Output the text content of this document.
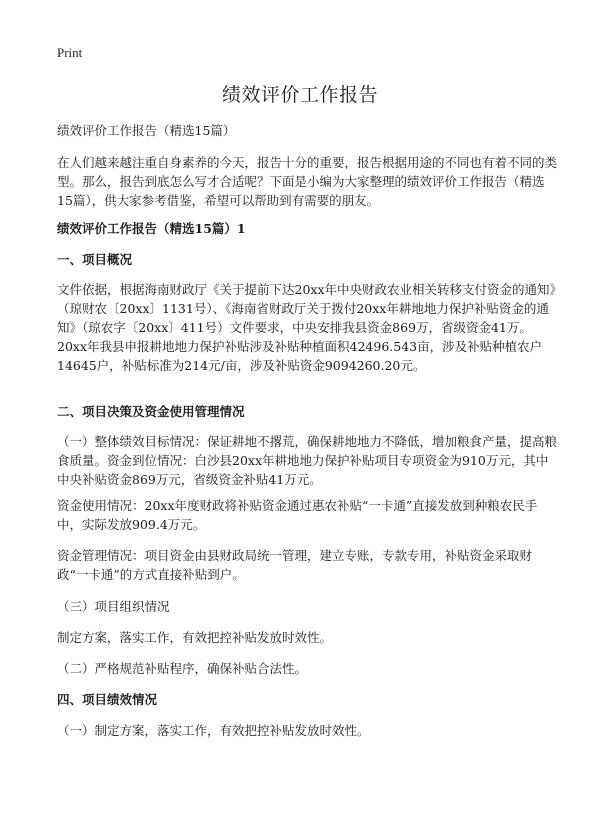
Print

绩效评价工作报告

绩效评价工作报告（精选15篇）

在人们越来越注重自身素养的今天，报告十分的重要，报告根据用途的不同也有着不同的类型。那么，报告到底怎么写才合适呢？下面是小编为大家整理的绩效评价工作报告（精选15篇），供大家参考借鉴，希望可以帮助到有需要的朋友。

绩效评价工作报告（精选15篇）1

一、项目概况

文件依据，根据海南财政厅《关于提前下达20xx年中央财政农业相关转移支付资金的通知》（琼财农〔20xx〕1131号）、《海南省财政厅关于拨付20xx年耕地地力保护补贴资金的通知》（琼农字〔20xx〕411号）文件要求，中央安排我县资金869万，省级资金41万。20xx年我县申报耕地地力保护补贴涉及补贴种植面积42496.543亩，涉及补贴种植农户14645户，补贴标准为214元/亩，涉及补贴资金9094260.20元。

二、项目决策及资金使用管理情况

（一）整体绩效目标情况：保证耕地不撂荒，确保耕地地力不降低，增加粮食产量，提高粮食质量。资金到位情况：白沙县20xx年耕地地力保护补贴项目专项资金为910万元，其中中央补贴资金869万元，省级资金补贴41万元。

资金使用情况：20xx年度财政将补贴资金通过惠农补贴“一卡通”直接发放到种粮农民手中，实际发放909.4万元。

资金管理情况：项目资金由县财政局统一管理，建立专账，专款专用，补贴资金采取财政“一卡通”的方式直接补贴到户。

（三）项目组织情况

制定方案，落实工作，有效把控补贴发放时效性。

（二）严格规范补贴程序，确保补贴合法性。

四、项目绩效情况

（一）制定方案，落实工作，有效把控补贴发放时效性。
